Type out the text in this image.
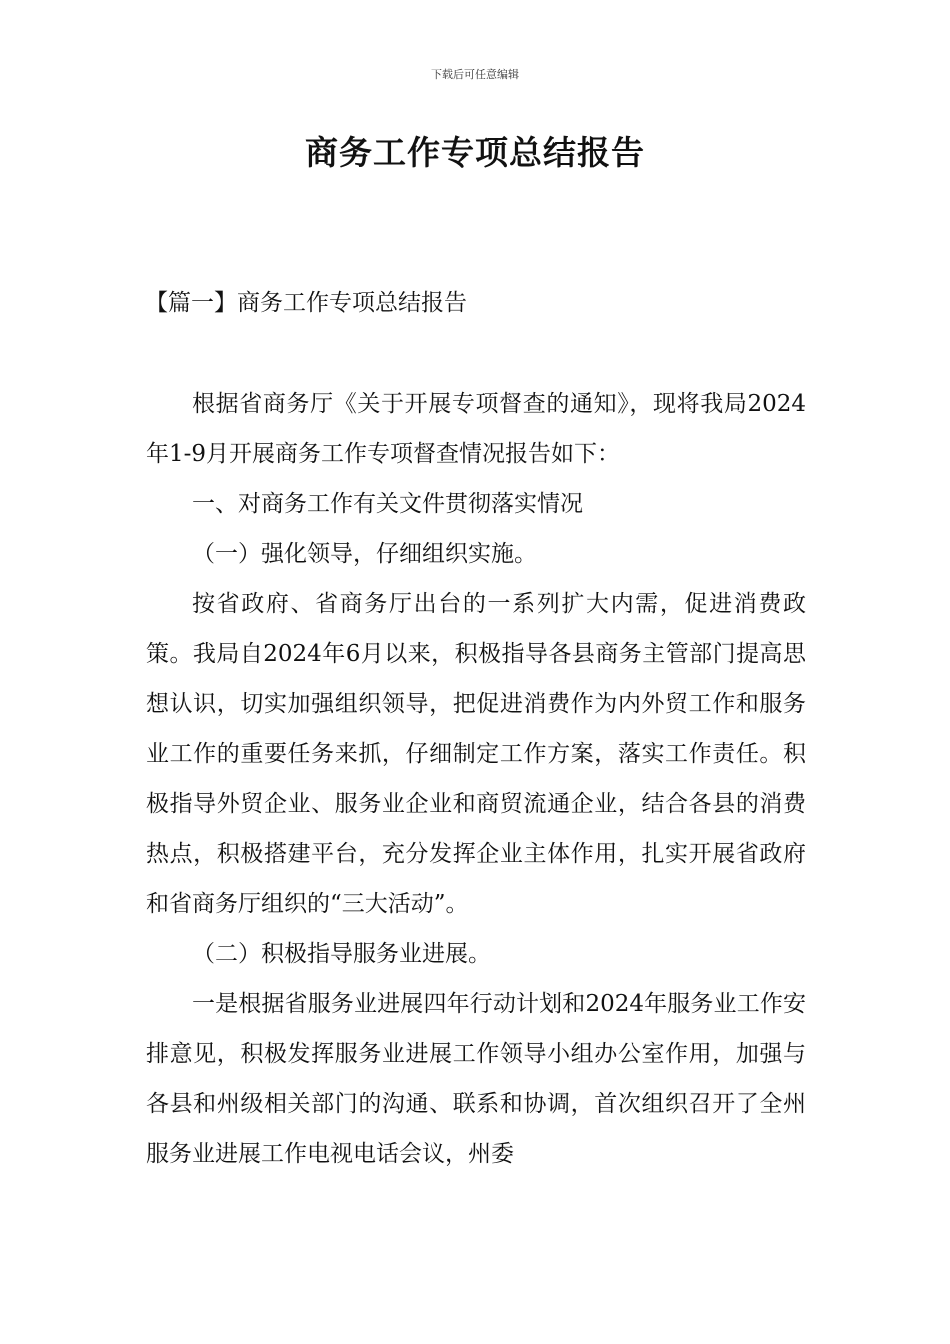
下载后可任意编辑
商务工作专项总结报告

【篇一】商务工作专项总结报告

根据省商务厅《关于开展专项督查的通知》，现将我局2024年1-9月开展商务工作专项督查情况报告如下：

一、对商务工作有关文件贯彻落实情况

（一）强化领导，仔细组织实施。

按省政府、省商务厅出台的一系列扩大内需，促进消费政策。我局自2024年6月以来，积极指导各县商务主管部门提高思想认识，切实加强组织领导，把促进消费作为内外贸工作和服务业工作的重要任务来抓，仔细制定工作方案，落实工作责任。积极指导外贸企业、服务业企业和商贸流通企业，结合各县的消费热点，积极搭建平台，充分发挥企业主体作用，扎实开展省政府和省商务厅组织的“三大活动”。

（二）积极指导服务业进展。

一是根据省服务业进展四年行动计划和2024年服务业工作安排意见，积极发挥服务业进展工作领导小组办公室作用，加强与各县和州级相关部门的沟通、联系和协调，首次组织召开了全州服务业进展工作电视电话会议，州委
